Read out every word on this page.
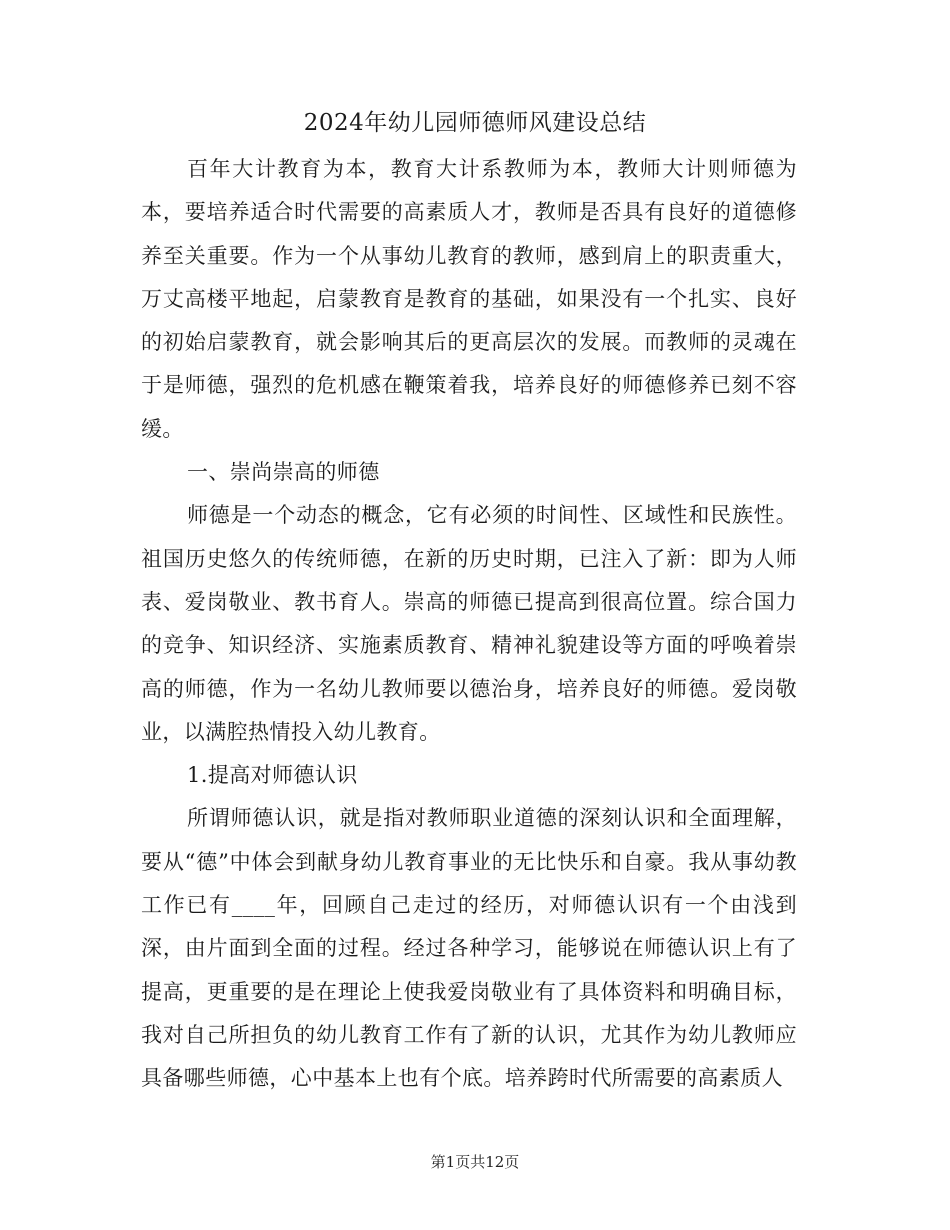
2024年幼儿园师德师风建设总结

百年大计教育为本，教育大计系教师为本，教师大计则师德为本，要培养适合时代需要的高素质人才，教师是否具有良好的道德修养至关重要。作为一个从事幼儿教育的教师，感到肩上的职责重大，万丈高楼平地起，启蒙教育是教育的基础，如果没有一个扎实、良好的初始启蒙教育，就会影响其后的更高层次的发展。而教师的灵魂在于是师德，强烈的危机感在鞭策着我，培养良好的师德修养已刻不容缓。

一、崇尚崇高的师德

师德是一个动态的概念，它有必须的时间性、区域性和民族性。祖国历史悠久的传统师德，在新的历史时期，已注入了新：即为人师表、爱岗敬业、教书育人。崇高的师德已提高到很高位置。综合国力的竞争、知识经济、实施素质教育、精神礼貌建设等方面的呼唤着崇高的师德，作为一名幼儿教师要以德治身，培养良好的师德。爱岗敬业，以满腔热情投入幼儿教育。

1.提高对师德认识

所谓师德认识，就是指对教师职业道德的深刻认识和全面理解，要从“德”中体会到献身幼儿教育事业的无比快乐和自豪。我从事幼教工作已有____年，回顾自己走过的经历，对师德认识有一个由浅到深，由片面到全面的过程。经过各种学习，能够说在师德认识上有了提高，更重要的是在理论上使我爱岗敬业有了具体资料和明确目标，我对自己所担负的幼儿教育工作有了新的认识，尤其作为幼儿教师应具备哪些师德，心中基本上也有个底。培养跨时代所需要的高素质人

第1页共12页
